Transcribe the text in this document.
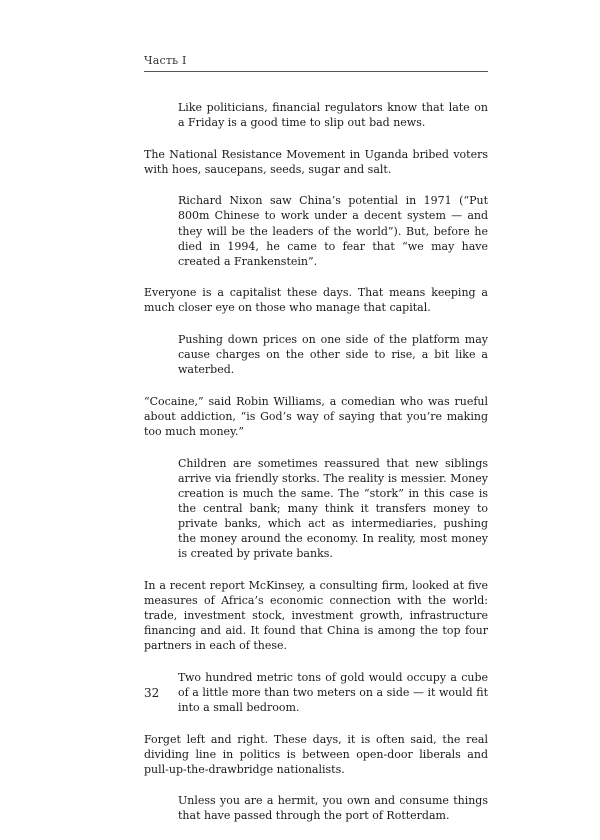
Часть I

Like politicians, financial regulators know that late on a Friday is a good time to slip out bad news.

The National Resistance Movement in Uganda bribed voters with hoes, saucepans, seeds, sugar and salt.

Richard Nixon saw China’s potential in 1971 (“Put 800m Chinese to work under a decent system — and they will be the leaders of the world”). But, before he died in 1994, he came to fear that “we may have created a Frankenstein”.

Everyone is a capitalist these days. That means keeping a much closer eye on those who manage that capital.

Pushing down prices on one side of the platform may cause charges on the other side to rise, a bit like a waterbed.

“Cocaine,” said Robin Williams, a comedian who was rueful about addiction, “is God’s way of saying that you’re making too much money.”

Children are sometimes reassured that new siblings arrive via friendly storks. The reality is messier. Money creation is much the same. The “stork” in this case is the central bank; many think it transfers money to private banks, which act as intermediaries, pushing the money around the economy. In reality, most money is created by private banks.

In a recent report McKinsey, a consulting firm, looked at five measures of Africa’s economic connection with the world: trade, investment stock, investment growth, infrastructure financing and aid. It found that China is among the top four partners in each of these.

Two hundred metric tons of gold would occupy a cube of a little more than two meters on a side — it would fit into a small bedroom.

Forget left and right. These days, it is often said, the real dividing line in politics is between open-door liberals and pull-up-the-drawbridge nationalists.

Unless you are a hermit, you own and consume things that have passed through the port of Rotterdam.

32
